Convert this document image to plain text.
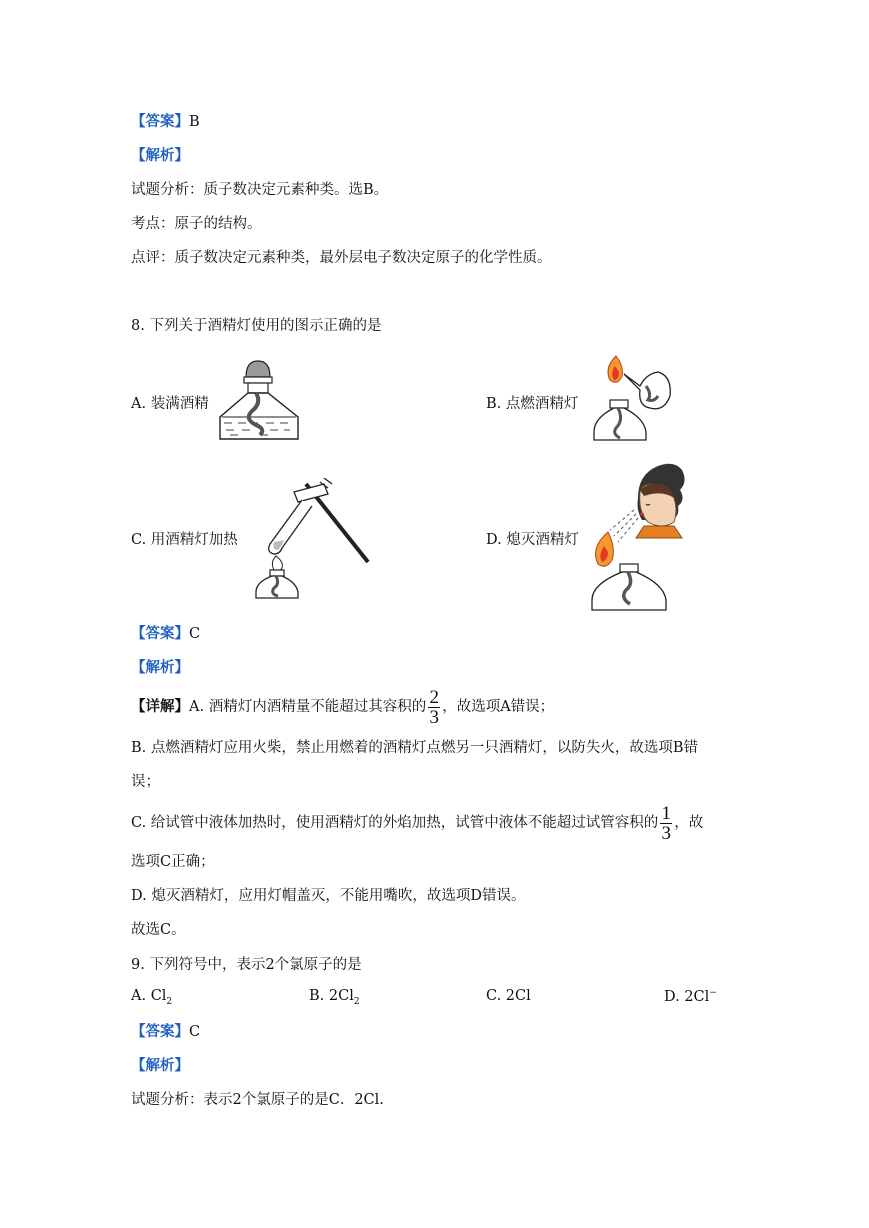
【答案】B
【解析】
试题分析：质子数决定元素种类。选B。
考点：原子的结构。
点评：质子数决定元素种类，最外层电子数决定原子的化学性质。
8. 下列关于酒精灯使用的图示正确的是
A. 装满酒精	B. 点燃酒精灯
C. 用酒精灯加热	D. 熄灭酒精灯
【答案】C
【解析】
【详解】 A. 酒精灯内酒精量不能超过其容积的 $\frac{2}{3}$ ，故选项A错误；
B. 点燃酒精灯应用火柴，禁止用燃着的酒精灯点燃另一只酒精灯，以防失火，故选项B错
误；
C. 给试管中液体加热时，使用酒精灯的外焰加热，试管中液体不能超过试管容积的 $\frac{1}{3}$ ，故
选项C正确；
D. 熄灭酒精灯，应用灯帽盖灭，不能用嘴吹，故选项D错误。
故选C。
9. 下列符号中，表示2个氯原子的是
A. $Cl_2$	B. $2Cl_2$	C. 2Cl	D. 2Cl−
【答案】C
【解析】
试题分析：表示2个氯原子的是C．2Cl.
